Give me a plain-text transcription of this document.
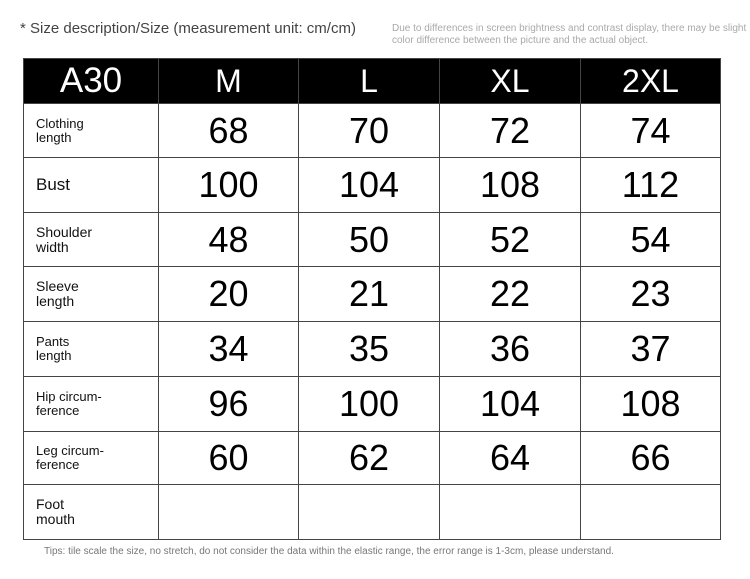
* Size description/Size (measurement unit: cm/cm)	Due to differences in screen brightness and contrast display, there may be slight color difference between the picture and the actual object.
A30	M	L	XL	2XL
Clothing length	68	70	72	74
Bust	100	104	108	112
Shoulder width	48	50	52	54
Sleeve length	20	21	22	23
Pants length	34	35	36	37
Hip circum-ference	96	100	104	108
Leg circum-ference	60	62	64	66
Foot mouth				
Tips: tile scale the size, no stretch, do not consider the data within the elastic range, the error range is 1-3cm, please understand.
